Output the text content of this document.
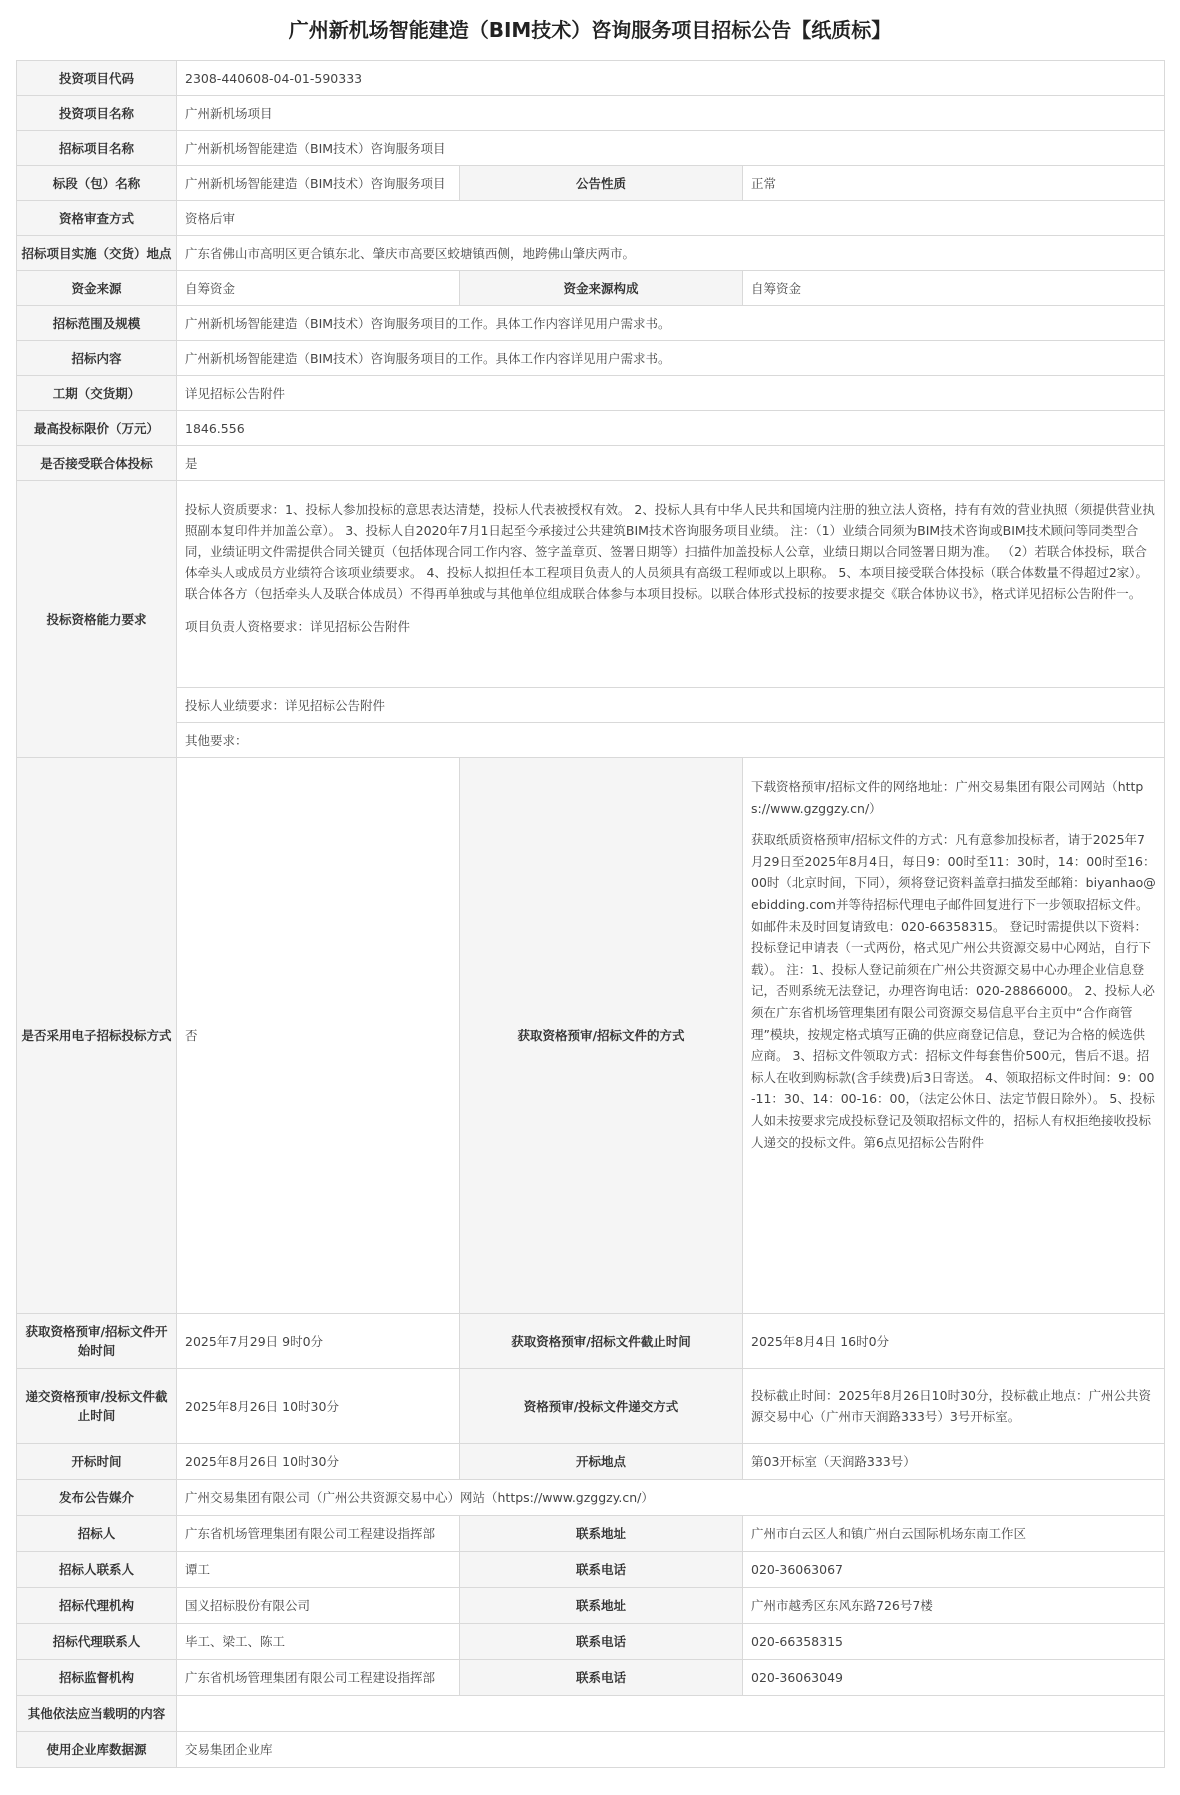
广州新机场智能建造（BIM技术）咨询服务项目招标公告【纸质标】
投资项目代码	2308-440608-04-01-590333		
投资项目名称	广州新机场项目		
招标项目名称	广州新机场智能建造（BIM技术）咨询服务项目		
标段（包）名称	广州新机场智能建造（BIM技术）咨询服务项目	公告性质	正常
资格审查方式	资格后审		
招标项目实施（交货）地点	广东省佛山市高明区更合镇东北、肇庆市高要区蛟塘镇西侧，地跨佛山肇庆两市。		
资金来源	自筹资金	资金来源构成	自筹资金
招标范围及规模	广州新机场智能建造（BIM技术）咨询服务项目的工作。具体工作内容详见用户需求书。		
招标内容	广州新机场智能建造（BIM技术）咨询服务项目的工作。具体工作内容详见用户需求书。		
工期（交货期）	详见招标公告附件		
最高投标限价（万元）	1846.556		
是否接受联合体投标	是		
投标资格能力要求	投标人资质要求：1、投标人参加投标的意思表达清楚，投标人代表被授权有效。 2、投标人具有中华人民共和国境内注册的独立法人资格，持有有效的营业执照（须提供营业执照副本复印件并加盖公章）。 3、投标人自2020年7月1日起至今承接过公共建筑BIM技术咨询服务项目业绩。 注：（1）业绩合同须为BIM技术咨询或BIM技术顾问等同类型合同，业绩证明文件需提供合同关键页（包括体现合同工作内容、签字盖章页、签署日期等）扫描件加盖投标人公章，业绩日期以合同签署日期为准。 （2）若联合体投标，联合体牵头人或成员方业绩符合该项业绩要求。 4、投标人拟担任本工程项目负责人的人员须具有高级工程师或以上职称。 5、本项目接受联合体投标（联合体数量不得超过2家）。联合体各方（包括牵头人及联合体成员）不得再单独或与其他单位组成联合体参与本项目投标。以联合体形式投标的按要求提交《联合体协议书》，格式详见招标公告附件一。

项目负责人资格要求：详见招标公告附件		

	投标人业绩要求：详见招标公告附件		
	其他要求：		
是否采用电子招标投标方式	否	获取资格预审/招标文件的方式	下载资格预审/招标文件的网络地址：广州交易集团有限公司网站（https://www.gzggzy.cn/）

获取纸质资格预审/招标文件的方式：凡有意参加投标者，请于2025年7月29日至2025年8月4日，每日9：00时至11：30时，14：00时至16：00时（北京时间，下同），须将登记资料盖章扫描发至邮箱：biyanhao@ebidding.com并等待招标代理电子邮件回复进行下一步领取招标文件。如邮件未及时回复请致电：020-66358315。 登记时需提供以下资料：投标登记申请表（一式两份，格式见广州公共资源交易中心网站，自行下载）。 注：1、投标人登记前须在广州公共资源交易中心办理企业信息登记，否则系统无法登记，办理咨询电话：020-28866000。 2、投标人必须在广东省机场管理集团有限公司资源交易信息平台主页中“合作商管理”模块，按规定格式填写正确的供应商登记信息，登记为合格的候选供应商。 3、招标文件领取方式：招标文件每套售价500元，售后不退。招标人在收到购标款(含手续费)后3日寄送。 4、领取招标文件时间：9：00-11：30、14：00-16：00，（法定公休日、法定节假日除外）。 5、投标人如未按要求完成投标登记及领取招标文件的，招标人有权拒绝接收投标人递交的投标文件。第6点见招标公告附件

获取资格预审/招标文件开始时间	2025年7月29日 9时0分	获取资格预审/招标文件截止时间	2025年8月4日 16时0分
递交资格预审/投标文件截止时间	2025年8月26日 10时30分	资格预审/投标文件递交方式	投标截止时间：2025年8月26日10时30分，投标截止地点：广州公共资源交易中心（广州市天润路333号）3号开标室。
开标时间	2025年8月26日 10时30分	开标地点	第03开标室（天润路333号）
发布公告媒介	广州交易集团有限公司（广州公共资源交易中心）网站（https://www.gzggzy.cn/）		
招标人	广东省机场管理集团有限公司工程建设指挥部	联系地址	广州市白云区人和镇广州白云国际机场东南工作区
招标人联系人	谭工	联系电话	020-36063067
招标代理机构	国义招标股份有限公司	联系地址	广州市越秀区东风东路726号7楼
招标代理联系人	毕工、梁工、陈工	联系电话	020-66358315
招标监督机构	广东省机场管理集团有限公司工程建设指挥部	联系电话	020-36063049
其他依法应当载明的内容			
使用企业库数据源	交易集团企业库		
